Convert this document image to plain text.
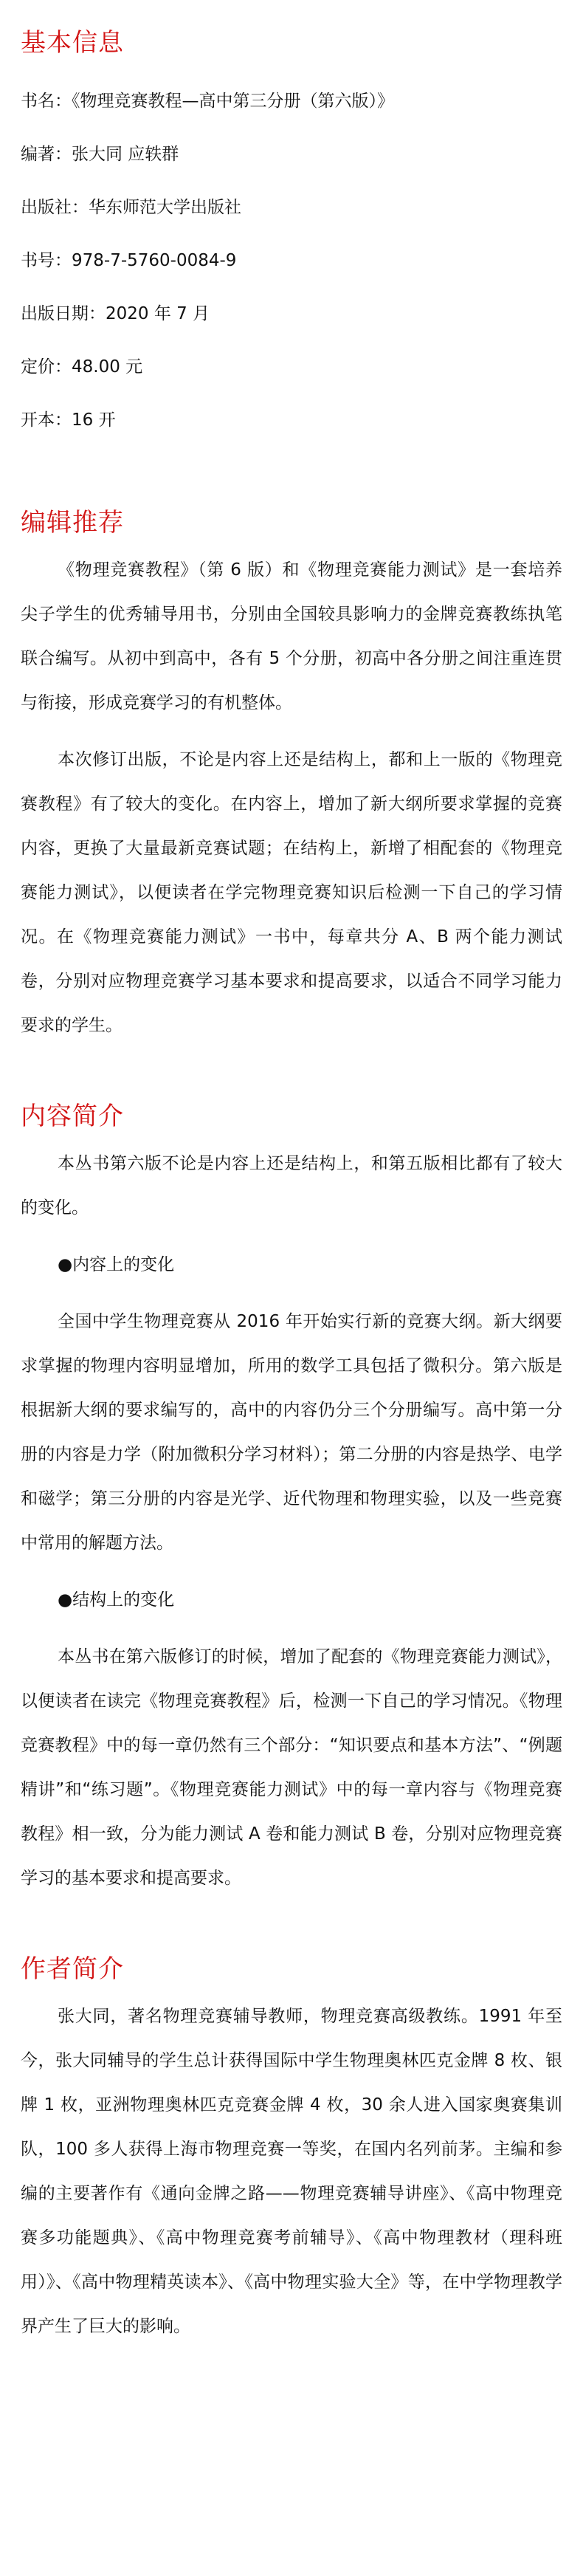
基本信息
书名：《物理竞赛教程—高中第三分册（第六版）》
编著：张大同 应轶群
出版社：华东师范大学出版社
书号：978-7-5760-0084-9
出版日期：2020 年 7 月
定价：48.00 元
开本：16 开
编辑推荐

《物理竞赛教程》（第 6 版）和《物理竞赛能力测试》是一套培养尖子学生的优秀辅导用书，分别由全国较具影响力的金牌竞赛教练执笔联合编写。从初中到高中，各有 5 个分册，初高中各分册之间注重连贯与衔接，形成竞赛学习的有机整体。

本次修订出版，不论是内容上还是结构上，都和上一版的《物理竞赛教程》有了较大的变化。在内容上，增加了新大纲所要求掌握的竞赛内容，更换了大量最新竞赛试题；在结构上，新增了相配套的《物理竞赛能力测试》，以便读者在学完物理竞赛知识后检测一下自己的学习情况。在《物理竞赛能力测试》一书中，每章共分 A、B 两个能力测试卷，分别对应物理竞赛学习基本要求和提高要求，以适合不同学习能力要求的学生。

内容简介

本丛书第六版不论是内容上还是结构上，和第五版相比都有了较大的变化。

●内容上的变化

全国中学生物理竞赛从 2016 年开始实行新的竞赛大纲。新大纲要求掌握的物理内容明显增加，所用的数学工具包括了微积分。第六版是根据新大纲的要求编写的，高中的内容仍分三个分册编写。高中第一分册的内容是力学（附加微积分学习材料）；第二分册的内容是热学、电学和磁学；第三分册的内容是光学、近代物理和物理实验，以及一些竞赛中常用的解题方法。

●结构上的变化

本丛书在第六版修订的时候，增加了配套的《物理竞赛能力测试》，以便读者在读完《物理竞赛教程》后，检测一下自己的学习情况。《物理竞赛教程》中的每一章仍然有三个部分：“知识要点和基本方法”、“例题精讲”和“练习题”。《物理竞赛能力测试》中的每一章内容与《物理竞赛教程》相一致，分为能力测试 A 卷和能力测试 B 卷，分别对应物理竞赛学习的基本要求和提高要求。

作者简介

张大同，著名物理竞赛辅导教师，物理竞赛高级教练。1991 年至今，张大同辅导的学生总计获得国际中学生物理奥林匹克金牌 8 枚、银牌 1 枚，亚洲物理奥林匹克竞赛金牌 4 枚，30 余人进入国家奥赛集训队，100 多人获得上海市物理竞赛一等奖，在国内名列前茅。主编和参编的主要著作有《通向金牌之路——物理竞赛辅导讲座》、《高中物理竞赛多功能题典》、《高中物理竞赛考前辅导》、《高中物理教材（理科班用）》、《高中物理精英读本》、《高中物理实验大全》等，在中学物理教学界产生了巨大的影响。
